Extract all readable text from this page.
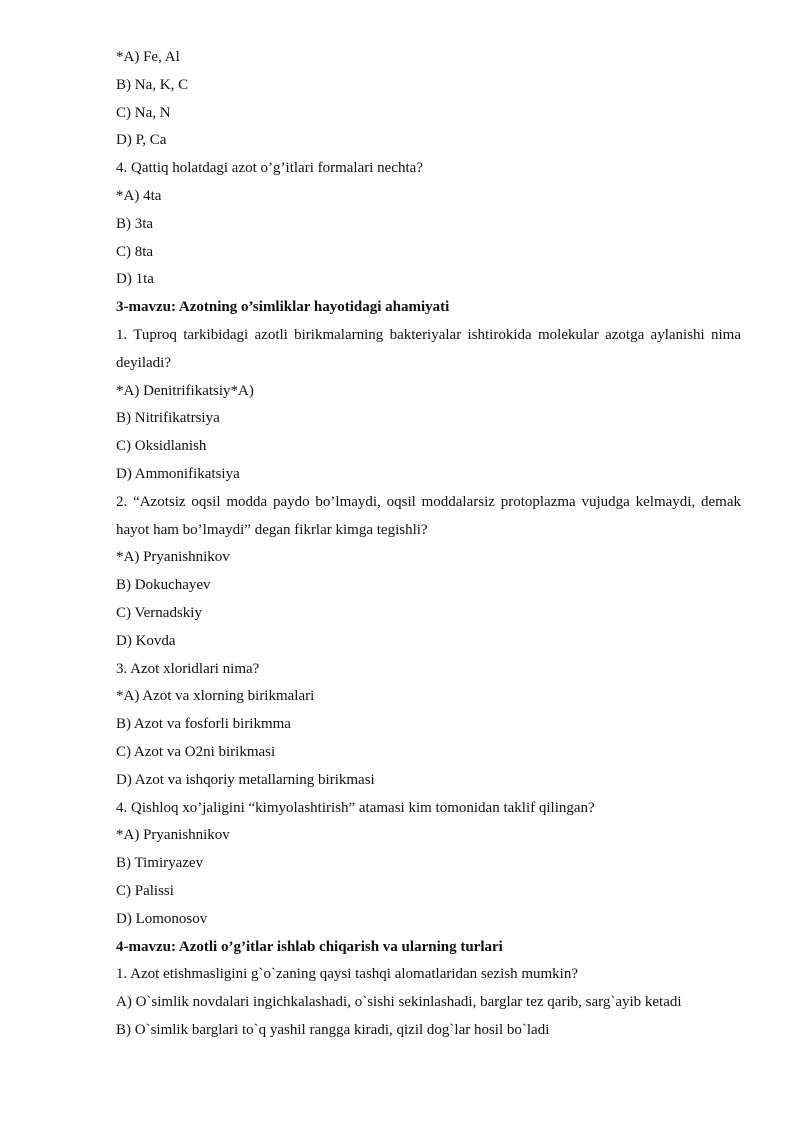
*A) Fe, Al
B) Na, K, C
C) Na, N
D) P, Ca
4. Qattiq holatdagi azot o’g’itlari formalari nechta?
*A) 4ta
B) 3ta
C) 8ta
D) 1ta
3-mavzu: Azotning o’simliklar hayotidagi ahamiyati
1. Tuproq tarkibidagi azotli birikmalarning bakteriyalar ishtirokida molekular azotga aylanishi nima deyiladi?
*A) Denitrifikatsiy*A)
B) Nitrifikatrsiya
C) Oksidlanish
D) Ammonifikatsiya
2. “Azotsiz oqsil modda paydo bo’lmaydi, oqsil moddalarsiz protoplazma vujudga kelmaydi, demak hayot ham bo’lmaydi” degan fikrlar kimga tegishli?
*A) Pryanishnikov
B) Dokuchayev
C) Vernadskiy
D) Kovda
3. Azot xloridlari nima?
*A) Azot va xlorning birikmalari
B) Azot va fosforli birikmma
C) Azot va O2ni birikmasi
D) Azot va ishqoriy metallarning birikmasi
4. Qishloq xo’jaligini “kimyolashtirish” atamasi kim tomonidan taklif qilingan?
*A) Pryanishnikov
B) Timiryazev
C) Palissi
D) Lomonosov
4-mavzu: Azotli o’g’itlar ishlab chiqarish va ularning turlari
1. Azot etishmasligini g`o`zaning qaysi tashqi alomatlaridan sezish mumkin?
A) O`simlik novdalari ingichkalashadi, o`sishi sekinlashadi, barglar tez qarib, sarg`ayib ketadi
B) O`simlik barglari to`q yashil rangga kiradi, qizil dog`lar hosil bo`ladi
